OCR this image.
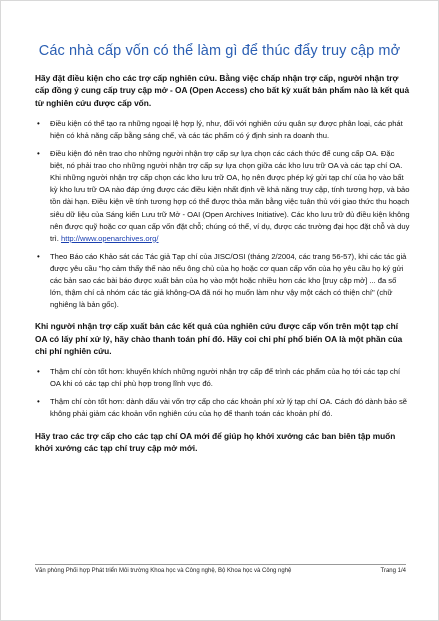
Các nhà cấp vốn có thể làm gì để thúc đẩy truy cập mở

Hãy đặt điều kiện cho các trợ cấp nghiên cứu. Bằng việc chấp nhận trợ cấp, người nhận trợ cấp đồng ý cung cấp truy cập mở - OA (Open Access) cho bất kỳ xuất bản phẩm nào là kết quả từ nghiên cứu được cấp vốn.

• Điều kiện có thể tạo ra những ngoại lệ hợp lý, như, đối với nghiên cứu quân sự được phân loại, các phát hiện có khả năng cấp bằng sáng chế, và các tác phẩm có ý định sinh ra doanh thu.
• Điều kiện đó nên trao cho những người nhận trợ cấp sự lựa chọn các cách thức để cung cấp OA. Đặc biệt, nó phải trao cho những người nhận trợ cấp sự lựa chọn giữa các kho lưu trữ OA và các tạp chí OA. Khi những người nhận trợ cấp chọn các kho lưu trữ OA, họ nên được phép ký gửi tạp chí của họ vào bất kỳ kho lưu trữ OA nào đáp ứng được các điều kiện nhất định về khả năng truy cập, tính tương hợp, và bảo tồn dài hạn. Điều kiện về tính tương hợp có thể được thỏa mãn bằng việc tuân thủ với giao thức thu hoạch siêu dữ liệu của Sáng kiến Lưu trữ Mở - OAI (Open Archives Initiative). Các kho lưu trữ đủ điều kiện không nên được quỹ hoặc cơ quan cấp vốn đặt chỗ; chúng có thể, ví dụ, được các trường đại học đặt chỗ và duy trì. http://www.openarchives.org/
• Theo Báo cáo Khảo sát các Tác giả Tạp chí của JISC/OSI (tháng 2/2004, các trang 56-57), khi các tác giả được yêu cầu "họ cảm thấy thế nào nếu ông chủ của họ hoặc cơ quan cấp vốn của họ yêu cầu họ ký gửi các bản sao các bài báo được xuất bản của họ vào một hoặc nhiều hơn các kho [truy cập mở] ... đa số lớn, thậm chí cả nhóm các tác giả không-OA đã nói họ muốn làm như vậy một cách có thiện chí" (chữ nghiêng là bản gốc).

Khi người nhận trợ cấp xuất bản các kết quả của nghiên cứu được cấp vốn trên một tạp chí OA có lấy phí xử lý, hãy chào thanh toán phí đó. Hãy coi chi phí phổ biến OA là một phần của chi phí nghiên cứu.

• Thậm chí còn tốt hơn: khuyến khích những người nhận trợ cấp để trình các phẩm của họ tới các tạp chí OA khi có các tạp chí phù hợp trong lĩnh vực đó.
• Thậm chí còn tốt hơn: dành dấu vài vốn trợ cấp cho các khoản phí xử lý tạp chí OA. Cách đó dành bảo sẽ không phải giảm các khoản vốn nghiên cứu của họ để thanh toán các khoản phí đó.

Hãy trao các trợ cấp cho các tạp chí OA mới để giúp họ khởi xướng các ban biên tập muốn khởi xướng các tạp chí truy cập mở mới.

Văn phòng Phối hợp Phát triển Môi trường Khoa học và Công nghệ, Bộ Khoa học và Công nghệ	Trang 1/4
